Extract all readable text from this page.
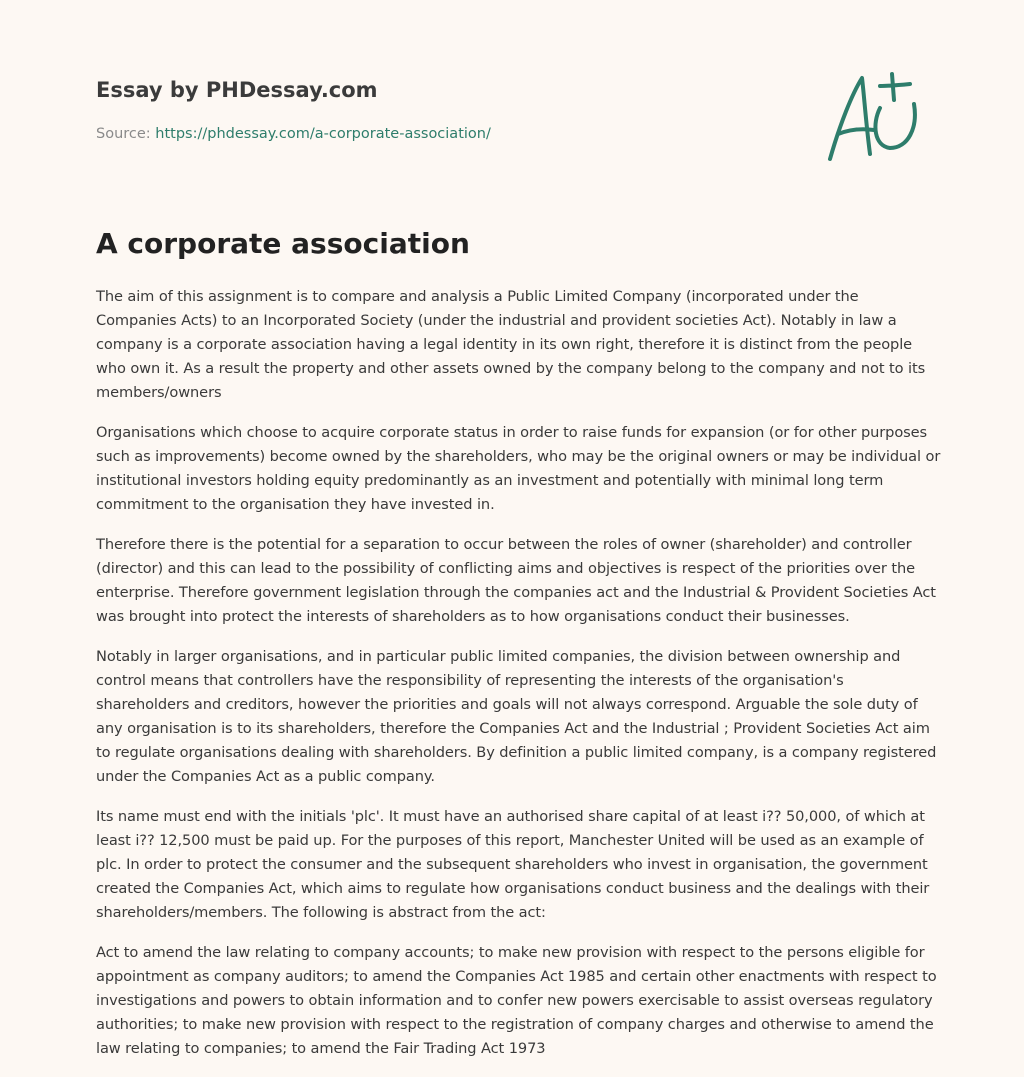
Essay by PHDessay.com
Source: https://phdessay.com/a-corporate-association/
A corporate association

The aim of this assignment is to compare and analysis a Public Limited Company (incorporated under the Companies Acts) to an Incorporated Society (under the industrial and provident societies Act). Notably in law a company is a corporate association having a legal identity in its own right, therefore it is distinct from the people who own it. As a result the property and other assets owned by the company belong to the company and not to its members/owners

Organisations which choose to acquire corporate status in order to raise funds for expansion (or for other purposes such as improvements) become owned by the shareholders, who may be the original owners or may be individual or institutional investors holding equity predominantly as an investment and potentially with minimal long term commitment to the organisation they have invested in.

Therefore there is the potential for a separation to occur between the roles of owner (shareholder) and controller (director) and this can lead to the possibility of conflicting aims and objectives is respect of the priorities over the enterprise. Therefore government legislation through the companies act and the Industrial & Provident Societies Act was brought into protect the interests of shareholders as to how organisations conduct their businesses.

Notably in larger organisations, and in particular public limited companies, the division between ownership and control means that controllers have the responsibility of representing the interests of the organisation's shareholders and creditors, however the priorities and goals will not always correspond. Arguable the sole duty of any organisation is to its shareholders, therefore the Companies Act and the Industrial ; Provident Societies Act aim to regulate organisations dealing with shareholders. By definition a public limited company, is a company registered under the Companies Act as a public company.

Its name must end with the initials 'plc'. It must have an authorised share capital of at least i?? 50,000, of which at least i?? 12,500 must be paid up. For the purposes of this report, Manchester United will be used as an example of plc. In order to protect the consumer and the subsequent shareholders who invest in organisation, the government created the Companies Act, which aims to regulate how organisations conduct business and the dealings with their shareholders/members. The following is abstract from the act:

Act to amend the law relating to company accounts; to make new provision with respect to the persons eligible for appointment as company auditors; to amend the Companies Act 1985 and certain other enactments with respect to investigations and powers to obtain information and to confer new powers exercisable to assist overseas regulatory authorities; to make new provision with respect to the registration of company charges and otherwise to amend the law relating to companies; to amend the Fair Trading Act 1973
